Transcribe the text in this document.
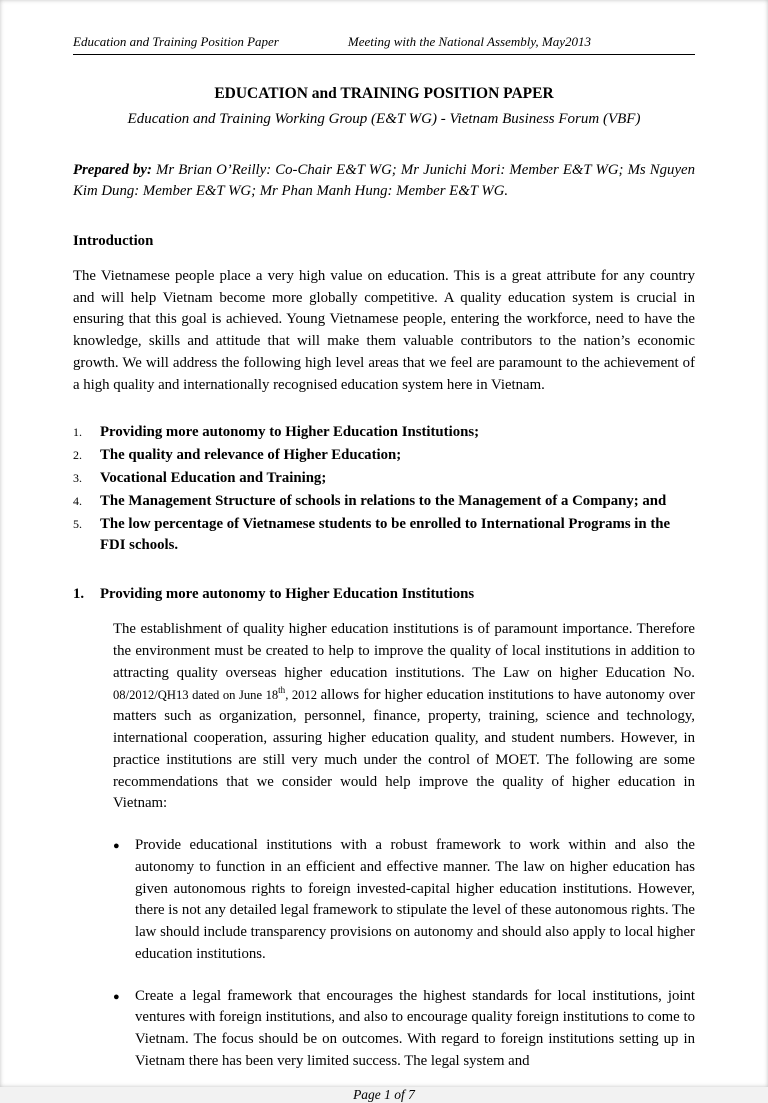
Education and Training Position Paper	Meeting with the National Assembly, May2013
EDUCATION and TRAINING POSITION PAPER
Education and Training Working Group (E&T WG) - Vietnam Business Forum (VBF)
Prepared by: Mr Brian O’Reilly: Co-Chair E&T WG; Mr Junichi Mori: Member E&T WG; Ms Nguyen Kim Dung: Member E&T WG; Mr Phan Manh Hung: Member E&T WG.
Introduction
The Vietnamese people place a very high value on education. This is a great attribute for any country and will help Vietnam become more globally competitive. A quality education system is crucial in ensuring that this goal is achieved. Young Vietnamese people, entering the workforce, need to have the knowledge, skills and attitude that will make them valuable contributors to the nation’s economic growth. We will address the following high level areas that we feel are paramount to the achievement of a high quality and internationally recognised education system here in Vietnam.
1.	Providing more autonomy to Higher Education Institutions;
2.	The quality and relevance of Higher Education;
3.	Vocational Education and Training;
4.	The Management Structure of schools in relations to the Management of a Company; and
5.	The low percentage of Vietnamese students to be enrolled to International Programs in the FDI schools.
1.	Providing more autonomy to Higher Education Institutions
The establishment of quality higher education institutions is of paramount importance. Therefore the environment must be created to help to improve the quality of local institutions in addition to attracting quality overseas higher education institutions. The Law on higher Education No. 08/2012/QH13 dated on June 18th, 2012 allows for higher education institutions to have autonomy over matters such as organization, personnel, finance, property, training, science and technology, international cooperation, assuring higher education quality, and student numbers. However, in practice institutions are still very much under the control of MOET. The following are some recommendations that we consider would help improve the quality of higher education in Vietnam:
●	Provide educational institutions with a robust framework to work within and also the autonomy to function in an efficient and effective manner. The law on higher education has given autonomous rights to foreign invested-capital higher education institutions. However, there is not any detailed legal framework to stipulate the level of these autonomous rights. The law should include transparency provisions on autonomy and should also apply to local higher education institutions.
●	Create a legal framework that encourages the highest standards for local institutions, joint ventures with foreign institutions, and also to encourage quality foreign institutions to come to Vietnam. The focus should be on outcomes. With regard to foreign institutions setting up in Vietnam there has been very limited success. The legal system and
Page 1 of 7
